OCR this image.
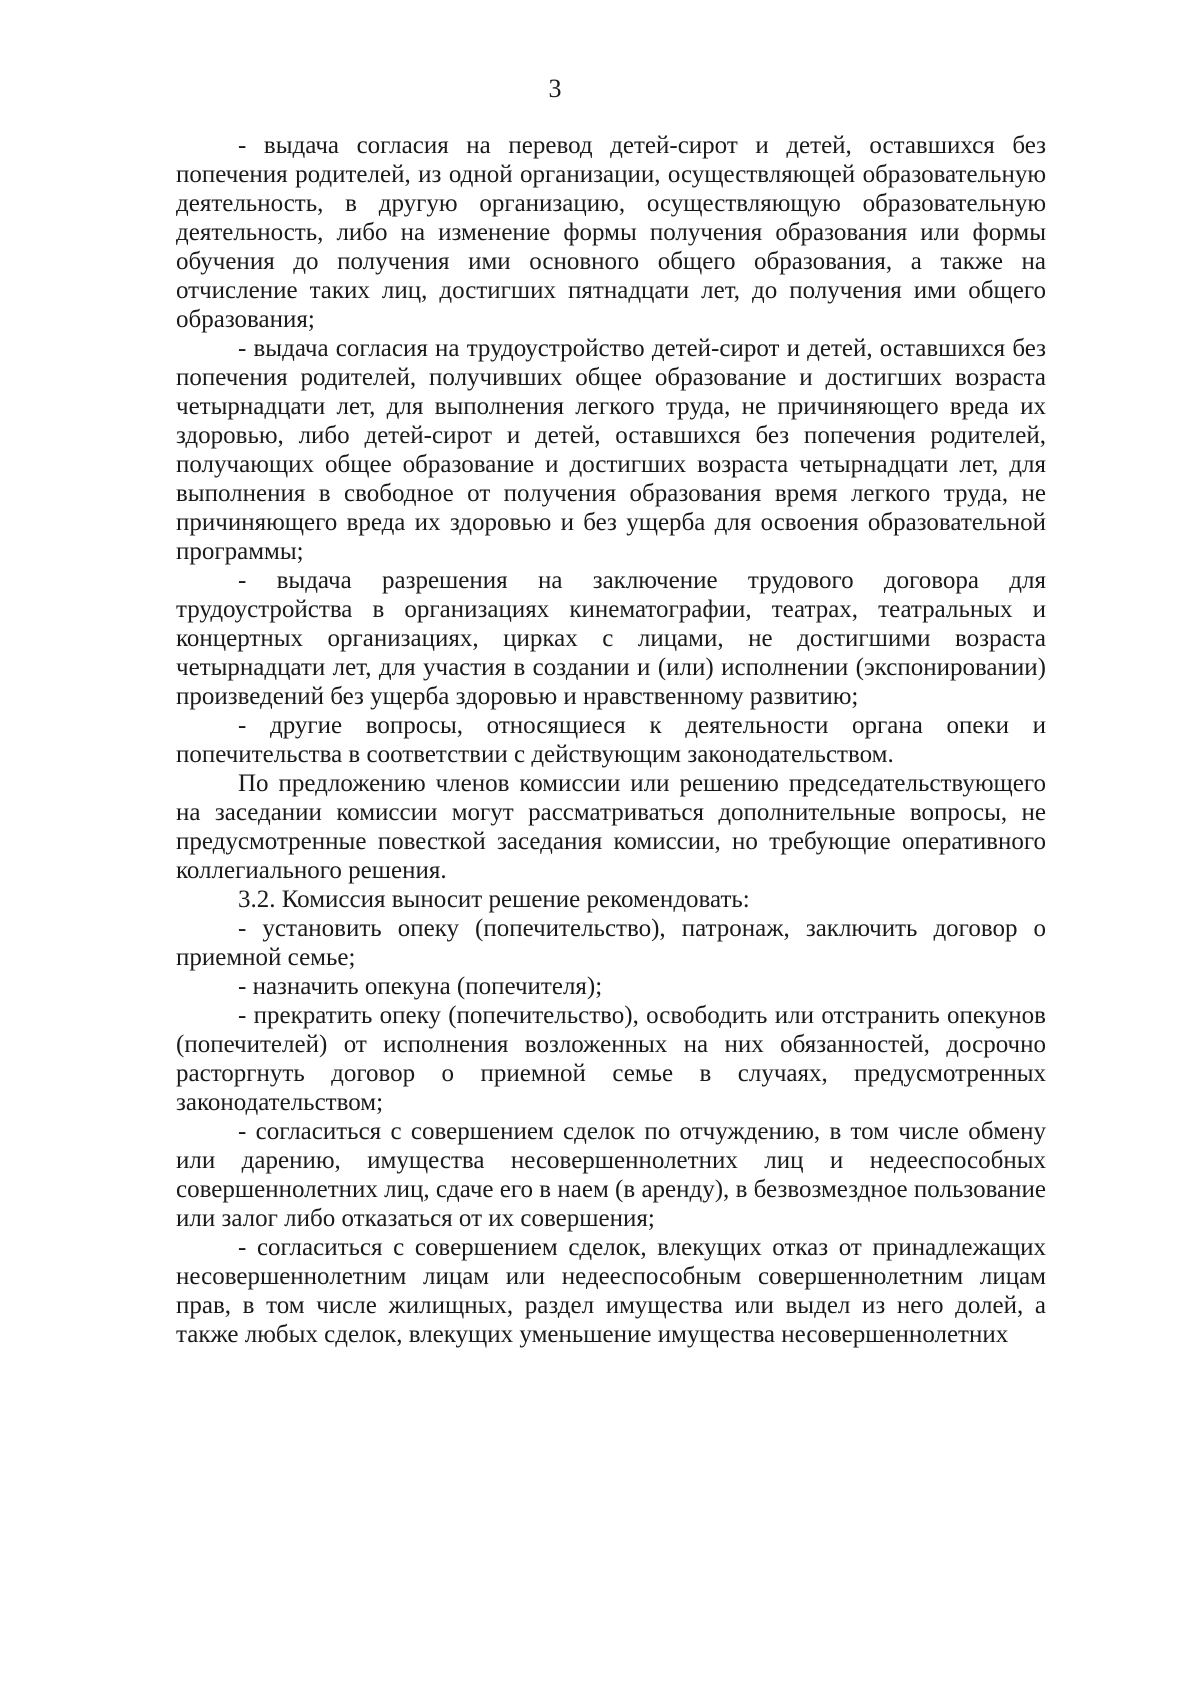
3

- выдача согласия на перевод детей-сирот и детей, оставшихся без попечения родителей, из одной организации, осуществляющей образовательную деятельность, в другую организацию, осуществляющую образовательную деятельность, либо на изменение формы получения образования или формы обучения до получения ими основного общего образования, а также на отчисление таких лиц, достигших пятнадцати лет, до получения ими общего образования;

- выдача согласия на трудоустройство детей-сирот и детей, оставшихся без попечения родителей, получивших общее образование и достигших возраста четырнадцати лет, для выполнения легкого труда, не причиняющего вреда их здоровью, либо детей-сирот и детей, оставшихся без попечения родителей, получающих общее образование и достигших возраста четырнадцати лет, для выполнения в свободное от получения образования время легкого труда, не причиняющего вреда их здоровью и без ущерба для освоения образовательной программы;

- выдача разрешения на заключение трудового договора для трудоустройства в организациях кинематографии, театрах, театральных и концертных организациях, цирках с лицами, не достигшими возраста четырнадцати лет, для участия в создании и (или) исполнении (экспонировании) произведений без ущерба здоровью и нравственному развитию;

- другие вопросы, относящиеся к деятельности органа опеки и попечительства в соответствии с действующим законодательством.

По предложению членов комиссии или решению председательствующего на заседании комиссии могут рассматриваться дополнительные вопросы, не предусмотренные повесткой заседания комиссии, но требующие оперативного коллегиального решения.

3.2. Комиссия выносит решение рекомендовать:

- установить опеку (попечительство), патронаж, заключить договор о приемной семье;

- назначить опекуна (попечителя);

- прекратить опеку (попечительство), освободить или отстранить опекунов (попечителей) от исполнения возложенных на них обязанностей, досрочно расторгнуть договор о приемной семье в случаях, предусмотренных законодательством;

- согласиться с совершением сделок по отчуждению, в том числе обмену или дарению, имущества несовершеннолетних лиц и недееспособных совершеннолетних лиц, сдаче его в наем (в аренду), в безвозмездное пользование или залог либо отказаться от их совершения;

- согласиться с совершением сделок, влекущих отказ от принадлежащих несовершеннолетним лицам или недееспособным совершеннолетним лицам прав, в том числе жилищных, раздел имущества или выдел из него долей, а также любых сделок, влекущих уменьшение имущества несовершеннолетних
